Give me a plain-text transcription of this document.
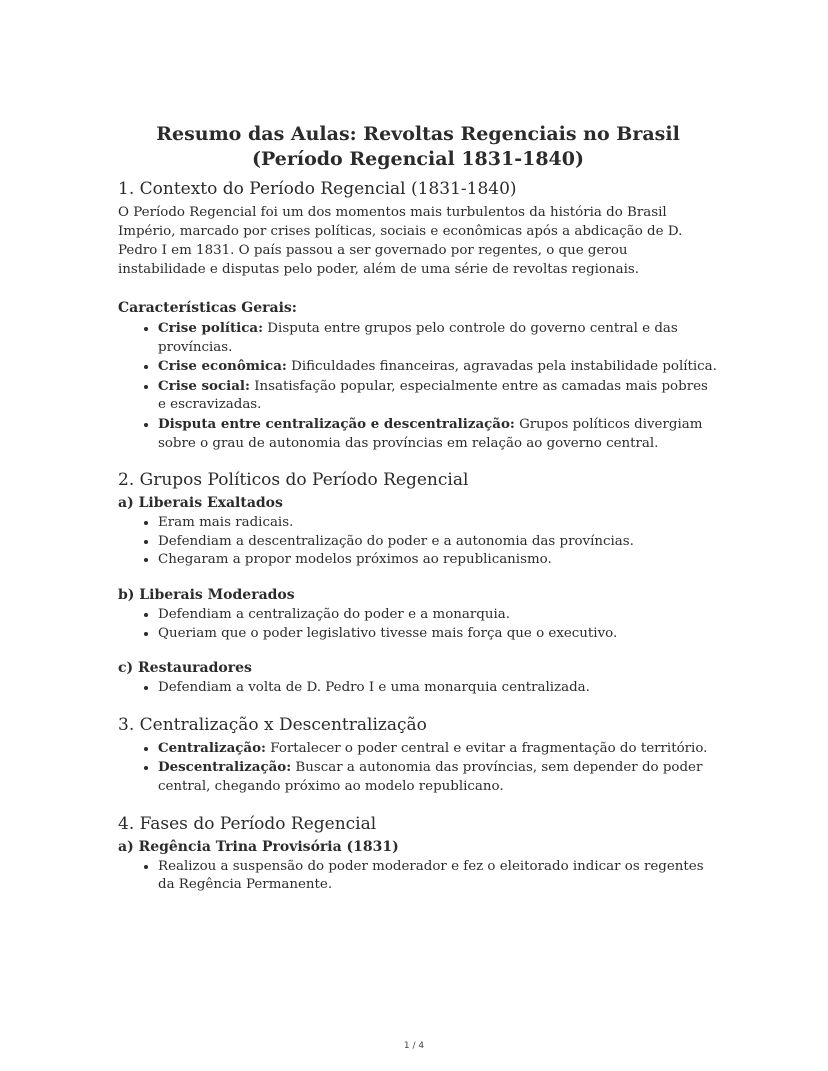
Resumo das Aulas: Revoltas Regenciais no Brasil (Período Regencial 1831-1840)
1. Contexto do Período Regencial (1831-1840)

O Período Regencial foi um dos momentos mais turbulentos da história do Brasil Império, marcado por crises políticas, sociais e econômicas após a abdicação de D. Pedro I em 1831. O país passou a ser governado por regentes, o que gerou instabilidade e disputas pelo poder, além de uma série de revoltas regionais.

Características Gerais:
• Crise política: Disputa entre grupos pelo controle do governo central e das províncias.
• Crise econômica: Dificuldades financeiras, agravadas pela instabilidade política.
• Crise social: Insatisfação popular, especialmente entre as camadas mais pobres e escravizadas.
• Disputa entre centralização e descentralização: Grupos políticos divergiam sobre o grau de autonomia das províncias em relação ao governo central.
2. Grupos Políticos do Período Regencial
a) Liberais Exaltados
• Eram mais radicais.
• Defendiam a descentralização do poder e a autonomia das províncias.
• Chegaram a propor modelos próximos ao republicanismo.
b) Liberais Moderados
• Defendiam a centralização do poder e a monarquia.
• Queriam que o poder legislativo tivesse mais força que o executivo.
c) Restauradores
• Defendiam a volta de D. Pedro I e uma monarquia centralizada.
3. Centralização x Descentralização
• Centralização: Fortalecer o poder central e evitar a fragmentação do território.
• Descentralização: Buscar a autonomia das províncias, sem depender do poder central, chegando próximo ao modelo republicano.
4. Fases do Período Regencial
a) Regência Trina Provisória (1831)
• Realizou a suspensão do poder moderador e fez o eleitorado indicar os regentes da Regência Permanente.
1 / 4
